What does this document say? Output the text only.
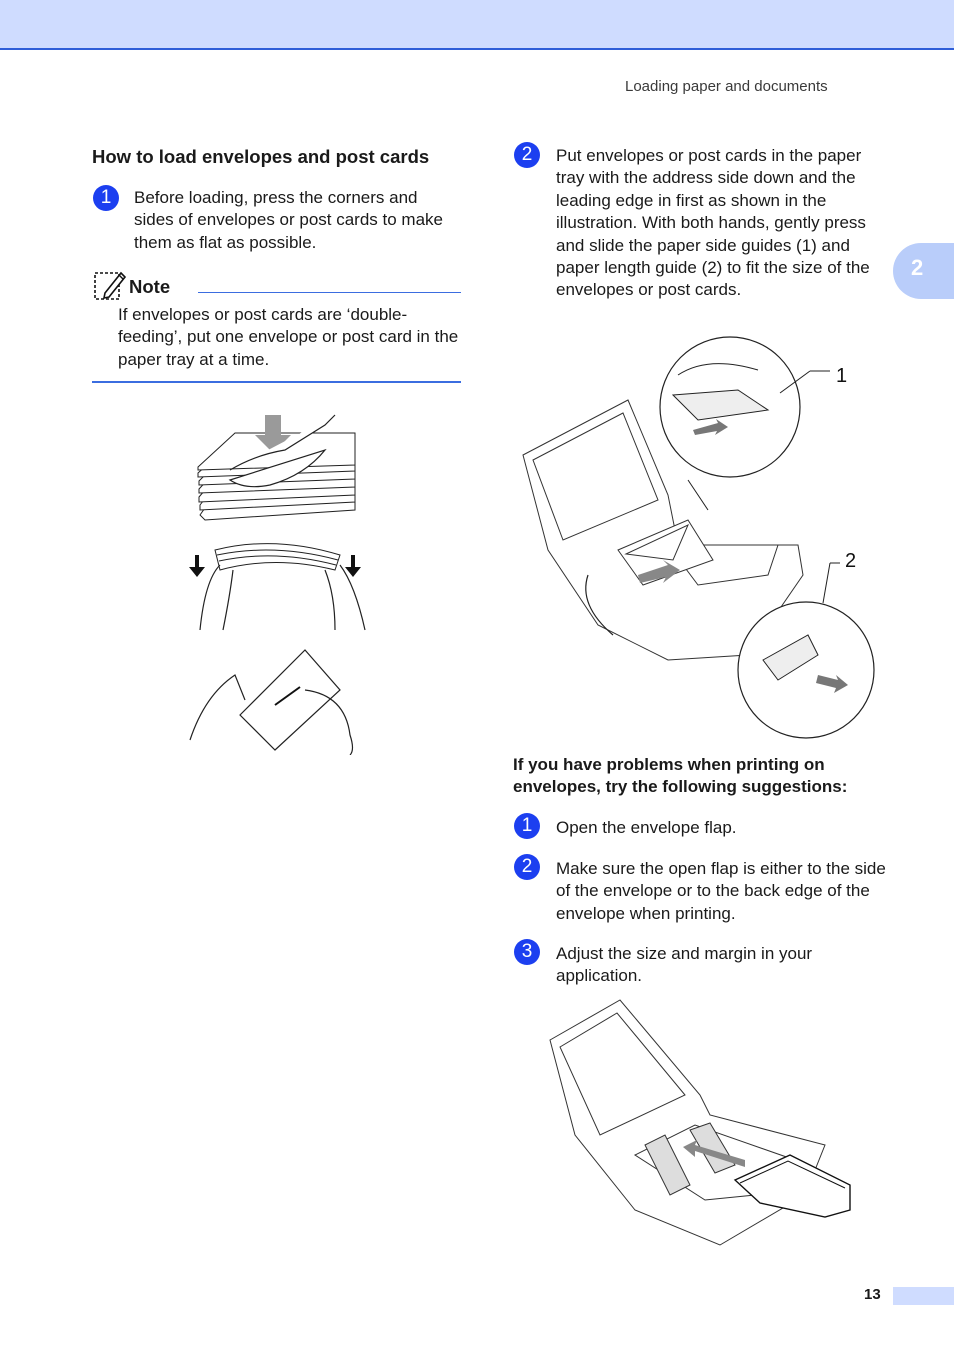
Loading paper and documents
2
How to load envelopes and post cards
1	Before loading, press the corners and sides of envelopes or post cards to make them as flat as possible.

Note

If envelopes or post cards are ‘double-feeding’, put one envelope or post card in the paper tray at a time.

2	Put envelopes or post cards in the paper tray with the address side down and the leading edge in first as shown in the illustration. With both hands, gently press and slide the paper side guides (1) and paper length guide (2) to fit the size of the envelopes or post cards.

1
2

If you have problems when printing on envelopes, try the following suggestions:

1	Open the envelope flap.

2	Make sure the open flap is either to the side of the envelope or to the back edge of the envelope when printing.

3	Adjust the size and margin in your application.

13
